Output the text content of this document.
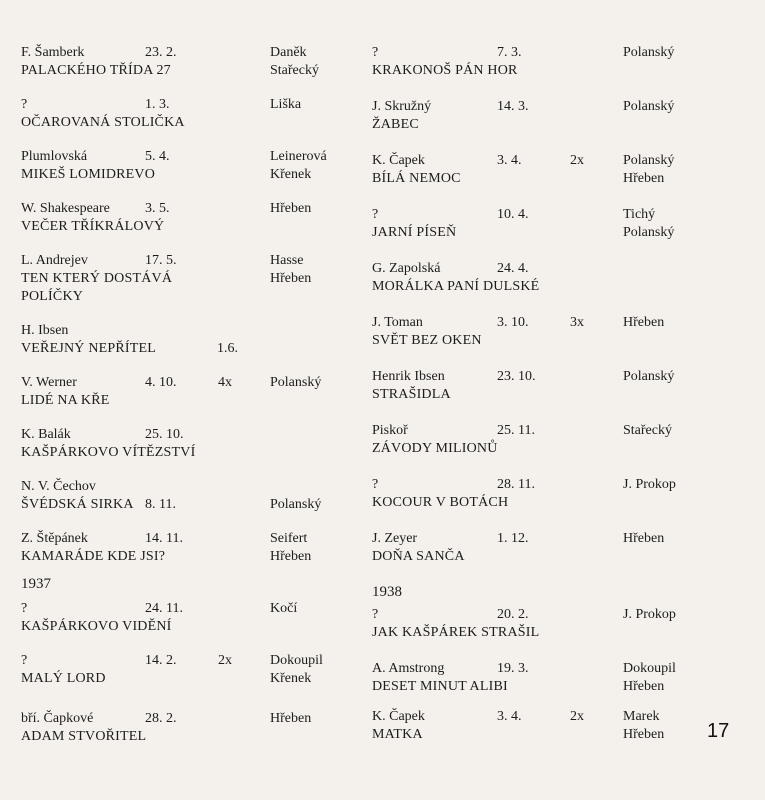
F. Šamberk	23. 2.	Daněk
Stařecký
PALACKÉHO TŘÍDA 27
?	1. 3.	Liška
OČAROVANÁ STOLIČKA
Plumlovská	5. 4.	Leinerová
Křenek
MIKEŠ LOMIDREVO
W. Shakespeare	3. 5.	Hřeben
VEČER TŘÍKRÁLOVÝ
L. Andrejev	17. 5.	Hasse
Hřeben
TEN KTERÝ DOSTÁVÁ
POLÍČKY
H. Ibsen
VEŘEJNÝ NEPŘÍTEL	1.6.
V. Werner	4. 10.	4x	Polanský
LIDÉ NA KŘE
K. Balák	25. 10.
KAŠPÁRKOVO VÍTĚZSTVÍ
N. V. Čechov
ŠVÉDSKÁ SIRKA 8. 11.	Polanský
Z. Štěpánek	14. 11.	Seifert
Hřeben
KAMARÁDE KDE JSI?
1937
?	24. 11.	Kočí
KAŠPÁRKOVO VIDĚNÍ
?	14. 2.	2x	Dokoupil
Křenek
MALÝ LORD
bří. Čapkové	28. 2.	Hřeben
ADAM STVOŘITEL
?	7. 3.	Polanský
KRAKONOŠ PÁN HOR
J. Skružný	14. 3.	Polanský
ŽABEC
K. Čapek	3. 4.	2x	Polanský
Hřeben
BÍLÁ NEMOC
?	10. 4.	Tichý
Polanský
JARNÍ PÍSEŇ
G. Zapolská	24. 4.
MORÁLKA PANÍ DULSKÉ
J. Toman	3. 10.	3x	Hřeben
SVĚT BEZ OKEN
Henrik Ibsen	23. 10.	Polanský
STRAŠIDLA
Piskoř	25. 11.	Stařecký
ZÁVODY MILIONŮ
?	28. 11.	J. Prokop
KOCOUR V BOTÁCH
J. Zeyer	1. 12.	Hřeben
DOŇA SANČA
1938
?	20. 2.	J. Prokop
JAK KAŠPÁREK STRAŠIL
A. Amstrong	19. 3.	Dokoupil
Hřeben
DESET MINUT ALIBI
K. Čapek	3. 4.	2x	Marek
Hřeben
MATKA	17
